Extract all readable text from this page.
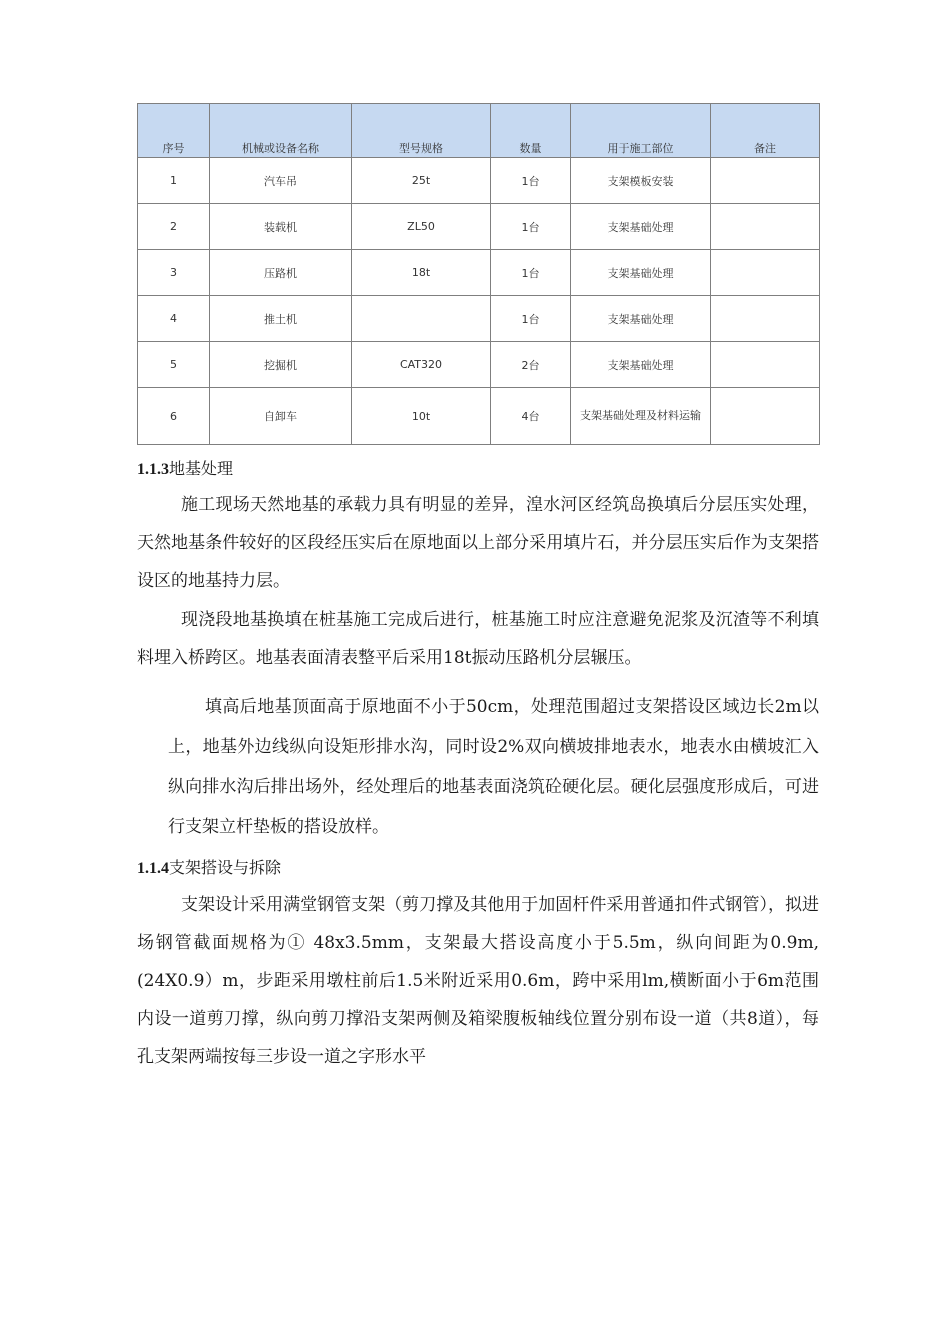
序号	机械或设备名称	型号规格	数量	用于施工部位	备注
1	汽车吊	25t	1台	支架模板安装	
2	装载机	ZL50	1台	支架基础处理	
3	压路机	18t	1台	支架基础处理	
4	推土机		1台	支架基础处理	
5	挖掘机	CAT320	2台	支架基础处理	
6	自卸车	10t	4台	支架基础处理及材料运输	
1.1.3地基处理

施工现场天然地基的承载力具有明显的差异，湟水河区经筑岛换填后分层压实处理，天然地基条件较好的区段经压实后在原地面以上部分采用填片石，并分层压实后作为支架搭设区的地基持力层。

现浇段地基换填在桩基施工完成后进行，桩基施工时应注意避免泥浆及沉渣等不利填料埋入桥跨区。地基表面清表整平后采用18t振动压路机分层辗压。

填高后地基顶面高于原地面不小于50cm，处理范围超过支架搭设区域边长2m以上，地基外边线纵向设矩形排水沟，同时设2%双向横坡排地表水，地表水由横坡汇入纵向排水沟后排出场外，经处理后的地基表面浇筑砼硬化层。硬化层强度形成后，可进行支架立杆垫板的搭设放样。

1.1.4支架搭设与拆除

支架设计采用满堂钢管支架（剪刀撑及其他用于加固杆件采用普通扣件式钢管），拟进场钢管截面规格为① 48x3.5mm，支架最大搭设高度小于5.5m，纵向间距为0.9m, (24X0.9）m，步距采用墩柱前后1.5米附近采用0.6m，跨中采用lm,横断面小于6m范围内设一道剪刀撑，纵向剪刀撑沿支架两侧及箱梁腹板轴线位置分别布设一道（共8道），每孔支架两端按每三步设一道之字形水平
